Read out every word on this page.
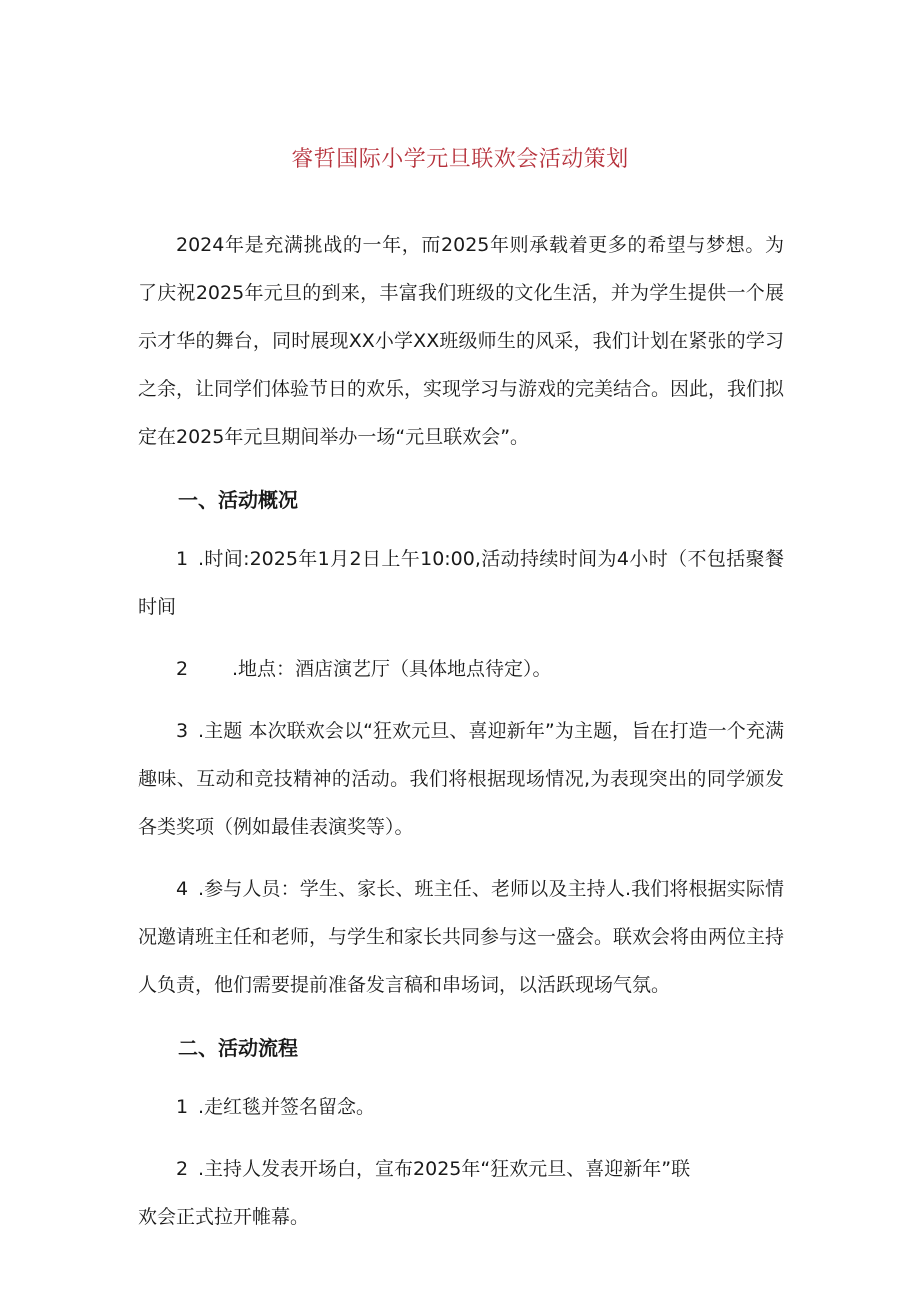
睿哲国际小学元旦联欢会活动策划

2024年是充满挑战的一年，而2025年则承载着更多的希望与梦想。为了庆祝2025年元旦的到来，丰富我们班级的文化生活，并为学生提供一个展示才华的舞台，同时展现XX小学XX班级师生的风采，我们计划在紧张的学习之余，让同学们体验节日的欢乐，实现学习与游戏的完美结合。因此，我们拟定在2025年元旦期间举办一场“元旦联欢会”。

一、活动概况

1 .时间:2025年1月2日上午10:00,活动持续时间为4小时（不包括聚餐时间

2 .地点：酒店演艺厅（具体地点待定）。

3 .主题 本次联欢会以“狂欢元旦、喜迎新年”为主题，旨在打造一个充满趣味、互动和竞技精神的活动。我们将根据现场情况,为表现突出的同学颁发各类奖项（例如最佳表演奖等）。

4 .参与人员：学生、家长、班主任、老师以及主持人.我们将根据实际情况邀请班主任和老师，与学生和家长共同参与这一盛会。联欢会将由两位主持人负责，他们需要提前准备发言稿和串场词，以活跃现场气氛。

二、活动流程

1 .走红毯并签名留念。

2 .主持人发表开场白，宣布2025年“狂欢元旦、喜迎新年”联

欢会正式拉开帷幕。
